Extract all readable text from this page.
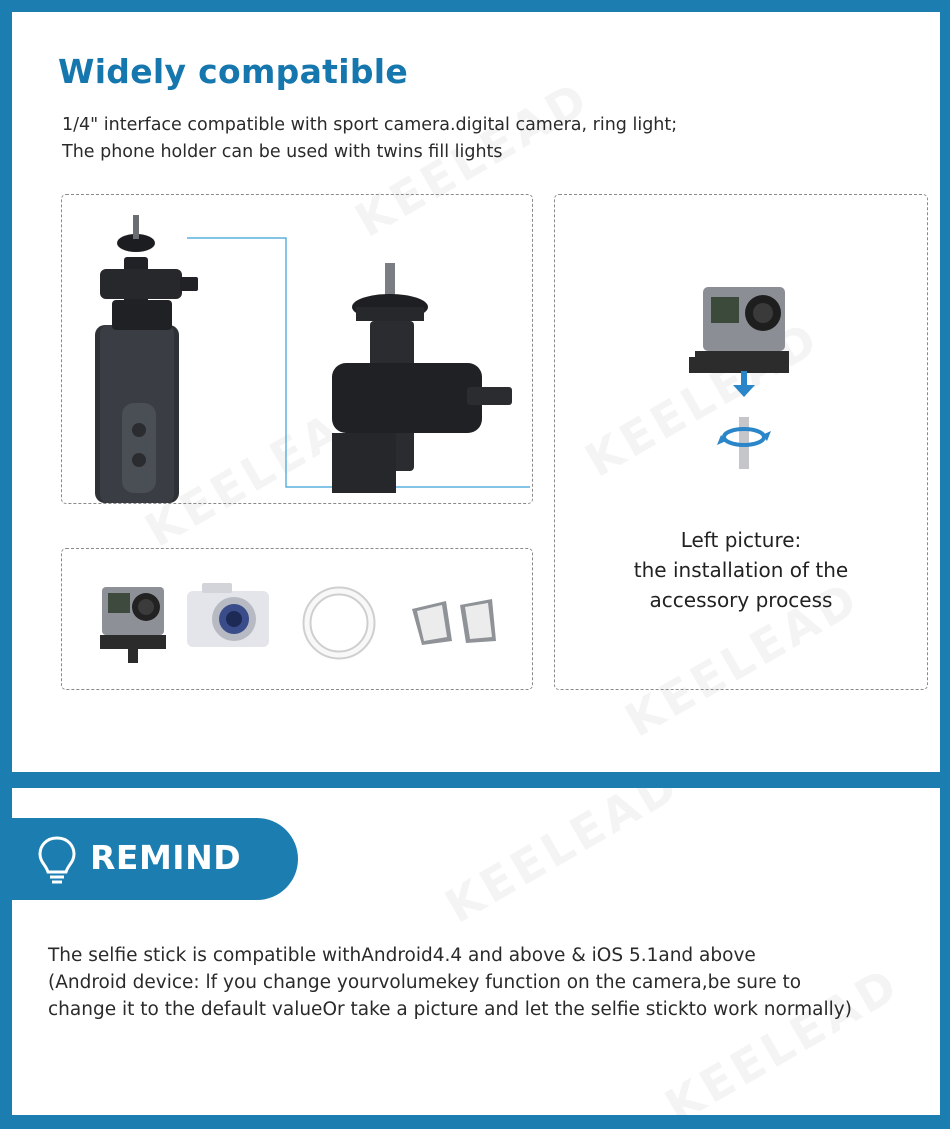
Widely compatible
1/4" interface compatible with sport camera.digital camera, ring light;
The phone holder can be used with twins fill lights
Left picture:
the installation of the
accessory process
REMIND
The selfie stick is compatible withAndroid4.4 and above & iOS 5.1and above
(Android device: lf you change yourvolumekey function on the camera,be sure to
change it to the default valueOr take a picture and let the selfie stickto work normally)
